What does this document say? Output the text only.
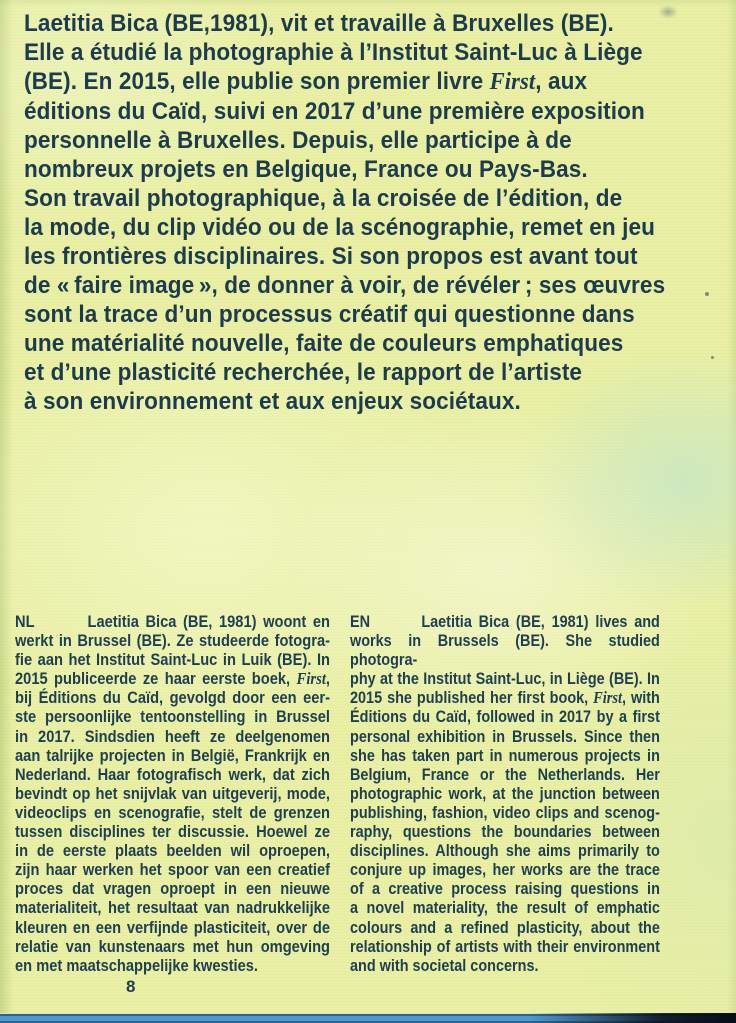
Laetitia Bica (BE,1981), vit et travaille à Bruxelles (BE).
Elle a étudié la photographie à l’Institut Saint-Luc à Liège
(BE). En 2015, elle publie son premier livre First, aux
éditions du Caïd, suivi en 2017 d’une première exposition
personnelle à Bruxelles. Depuis, elle participe à de
nombreux projets en Belgique, France ou Pays-Bas.
Son travail photographique, à la croisée de l’édition, de
la mode, du clip vidéo ou de la scénographie, remet en jeu
les frontières disciplinaires. Si son propos est avant tout
de « faire image », de donner à voir, de révéler ; ses œuvres
sont la trace d’un processus créatif qui questionne dans
une matérialité nouvelle, faite de couleurs emphatiques
et d’une plasticité recherchée, le rapport de l’artiste
à son environnement et aux enjeux sociétaux.
NL	Laetitia Bica (BE, 1981) woont en
werkt in Brussel (BE). Ze studeerde fotogra-
fie aan het Institut Saint-Luc in Luik (BE). In
2015 publiceerde ze haar eerste boek, First,
bij Éditions du Caïd, gevolgd door een eer-
ste persoonlijke tentoonstelling in Brussel
in 2017. Sindsdien heeft ze deelgenomen
aan talrijke projecten in België, Frankrijk en
Nederland. Haar fotografisch werk, dat zich
bevindt op het snijvlak van uitgeverij, mode,
videoclips en scenografie, stelt de grenzen
tussen disciplines ter discussie. Hoewel ze
in de eerste plaats beelden wil oproepen,
zijn haar werken het spoor van een creatief
proces dat vragen oproept in een nieuwe
materialiteit, het resultaat van nadrukkelijke
kleuren en een verfijnde plasticiteit, over de
relatie van kunstenaars met hun omgeving
en met maatschappelijke kwesties.
EN	Laetitia Bica (BE, 1981) lives and
works in Brussels (BE). She studied photogra-
phy at the Institut Saint-Luc, in Liège (BE). In
2015 she published her first book, First, with
Éditions du Caïd, followed in 2017 by a first
personal exhibition in Brussels. Since then
she has taken part in numerous projects in
Belgium, France or the Netherlands. Her
photographic work, at the junction between
publishing, fashion, video clips and scenog-
raphy, questions the boundaries between
disciplines. Although she aims primarily to
conjure up images, her works are the trace
of a creative process raising questions in
a novel materiality, the result of emphatic
colours and a refined plasticity, about the
relationship of artists with their environment
and with societal concerns.
8
